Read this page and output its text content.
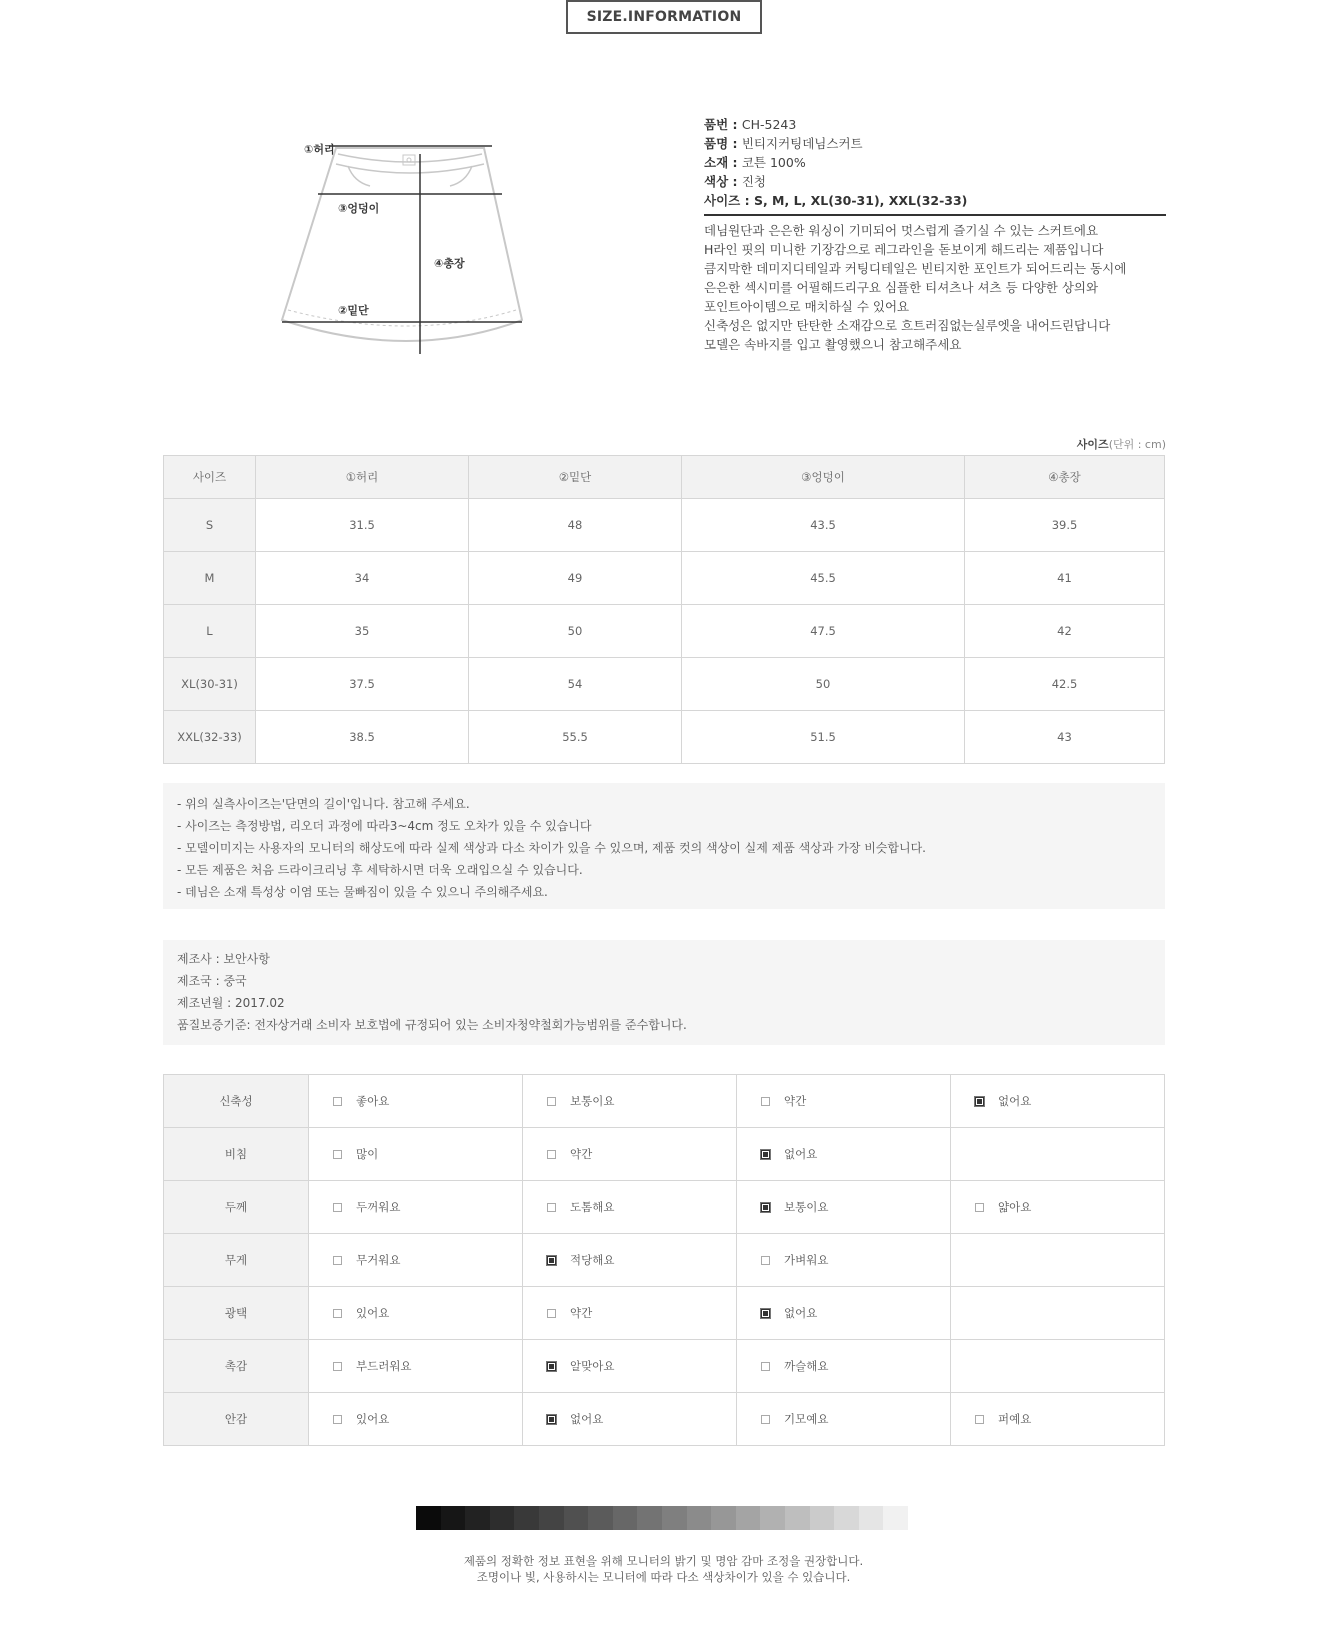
SIZE.INFORMATION
①허리
③엉덩이
④총장
②밑단
품번 : CH-5243
품명 : 빈티지커팅데님스커트
소재 : 코튼 100%
색상 : 진청
사이즈 : S, M, L, XL(30-31), XXL(32-33)
데님원단과 은은한 워싱이 기미되어 멋스럽게 즐기실 수 있는 스커트에요
H라인 핏의 미니한 기장감으로 레그라인을 돋보이게 해드리는 제품입니다
큼지막한 데미지디테일과 커팅디테일은 빈티지한 포인트가 되어드리는 동시에
은은한 섹시미를 어필해드리구요 심플한 티셔츠나 셔츠 등 다양한 상의와
포인트아이템으로 매치하실 수 있어요
신축성은 없지만 탄탄한 소재감으로 흐트러짐없는실루엣을 내어드린답니다
모델은 속바지를 입고 촬영했으니 참고해주세요
사이즈(단위 : cm)
사이즈	①허리	②밑단	③엉덩이	④총장
S	31.5	48	43.5	39.5
M	34	49	45.5	41
L	35	50	47.5	42
XL(30-31)	37.5	54	50	42.5
XXL(32-33)	38.5	55.5	51.5	43
- 위의 실측사이즈는'단면의 길이'입니다. 참고해 주세요.
- 사이즈는 측정방법, 리오더 과정에 따라3~4cm 정도 오차가 있을 수 있습니다
- 모델이미지는 사용자의 모니터의 해상도에 따라 실제 색상과 다소 차이가 있을 수 있으며, 제품 컷의 색상이 실제 제품 색상과 가장 비슷합니다.
- 모든 제품은 처음 드라이크리닝 후 세탁하시면 더욱 오래입으실 수 있습니다.
- 데님은 소재 특성상 이염 또는 물빠짐이 있을 수 있으니 주의해주세요.
제조사 : 보안사항
제조국 : 중국
제조년월 : 2017.02
품질보증기준: 전자상거래 소비자 보호법에 규정되어 있는 소비자청약철회가능범위를 준수합니다.
신축성	좋아요	보통이요	약간	없어요
비침	많이	약간	없어요	
두께	두꺼워요	도톰해요	보통이요	얇아요
무게	무거워요	적당해요	가벼워요	
광택	있어요	약간	없어요	
촉감	부드러워요	알맞아요	까슬해요	
안감	있어요	없어요	기모예요	퍼예요
제품의 정확한 정보 표현을 위해 모니터의 밝기 및 명암 감마 조정을 권장합니다.
조명이나 빛, 사용하시는 모니터에 따라 다소 색상차이가 있을 수 있습니다.
